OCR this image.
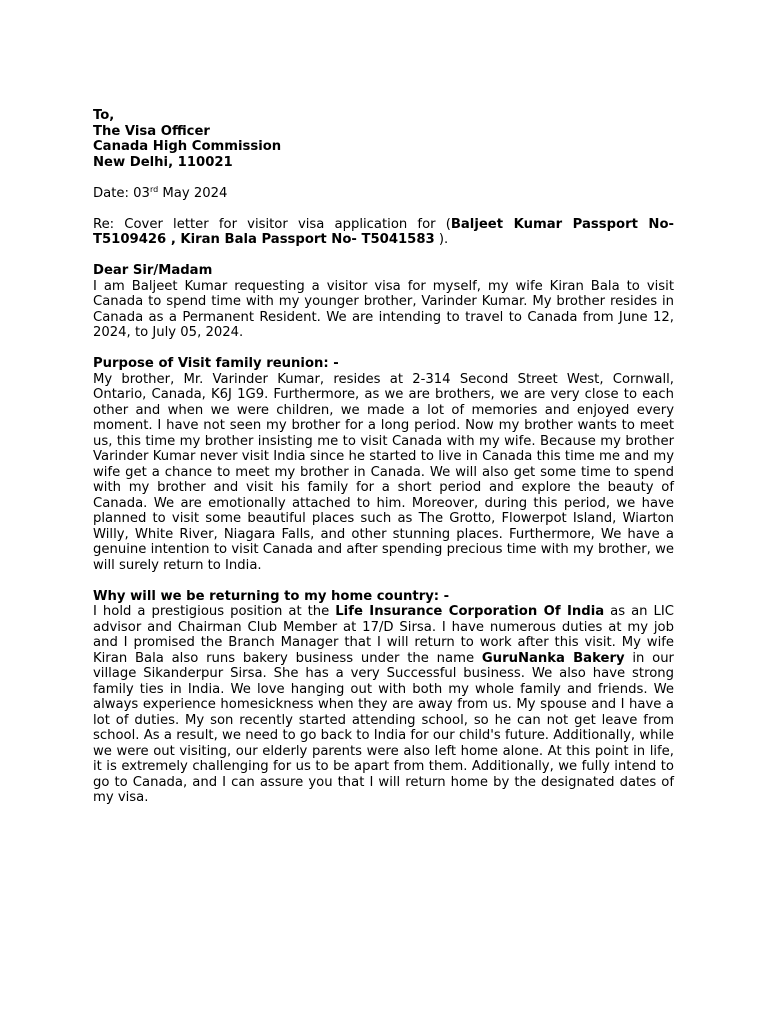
To,
The Visa Officer
Canada High Commission
New Delhi, 110021
Date: 03rd May 2024
Re: Cover letter for visitor visa application for (Baljeet Kumar Passport No- T5109426 , Kiran Bala Passport No- T5041583 ).
Dear Sir/Madam
I am Baljeet Kumar requesting a visitor visa for myself, my wife Kiran Bala to visit Canada to spend time with my younger brother, Varinder Kumar. My brother resides in Canada as a Permanent Resident. We are intending to travel to Canada from June 12, 2024, to July 05, 2024.
Purpose of Visit family reunion: -
My brother, Mr. Varinder Kumar, resides at 2-314 Second Street West, Cornwall, Ontario, Canada, K6J 1G9. Furthermore, as we are brothers, we are very close to each other and when we were children, we made a lot of memories and enjoyed every moment. I have not seen my brother for a long period. Now my brother wants to meet us, this time my brother insisting me to visit Canada with my wife. Because my brother Varinder Kumar never visit India since he started to live in Canada this time me and my wife get a chance to meet my brother in Canada. We will also get some time to spend with my brother and visit his family for a short period and explore the beauty of Canada. We are emotionally attached to him. Moreover, during this period, we have planned to visit some beautiful places such as The Grotto, Flowerpot Island, Wiarton Willy, White River, Niagara Falls, and other stunning places. Furthermore, We have a genuine intention to visit Canada and after spending precious time with my brother, we will surely return to India.
Why will we be returning to my home country: -
I hold a prestigious position at the Life Insurance Corporation Of India as an LIC advisor and Chairman Club Member at 17/D Sirsa. I have numerous duties at my job and I promised the Branch Manager that I will return to work after this visit. My wife Kiran Bala also runs bakery business under the name GuruNanka Bakery in our village Sikanderpur Sirsa. She has a very Successful business. We also have strong family ties in India. We love hanging out with both my whole family and friends. We always experience homesickness when they are away from us. My spouse and I have a lot of duties. My son recently started attending school, so he can not get leave from school. As a result, we need to go back to India for our child's future. Additionally, while we were out visiting, our elderly parents were also left home alone. At this point in life, it is extremely challenging for us to be apart from them. Additionally, we fully intend to go to Canada, and I can assure you that I will return home by the designated dates of my visa.
